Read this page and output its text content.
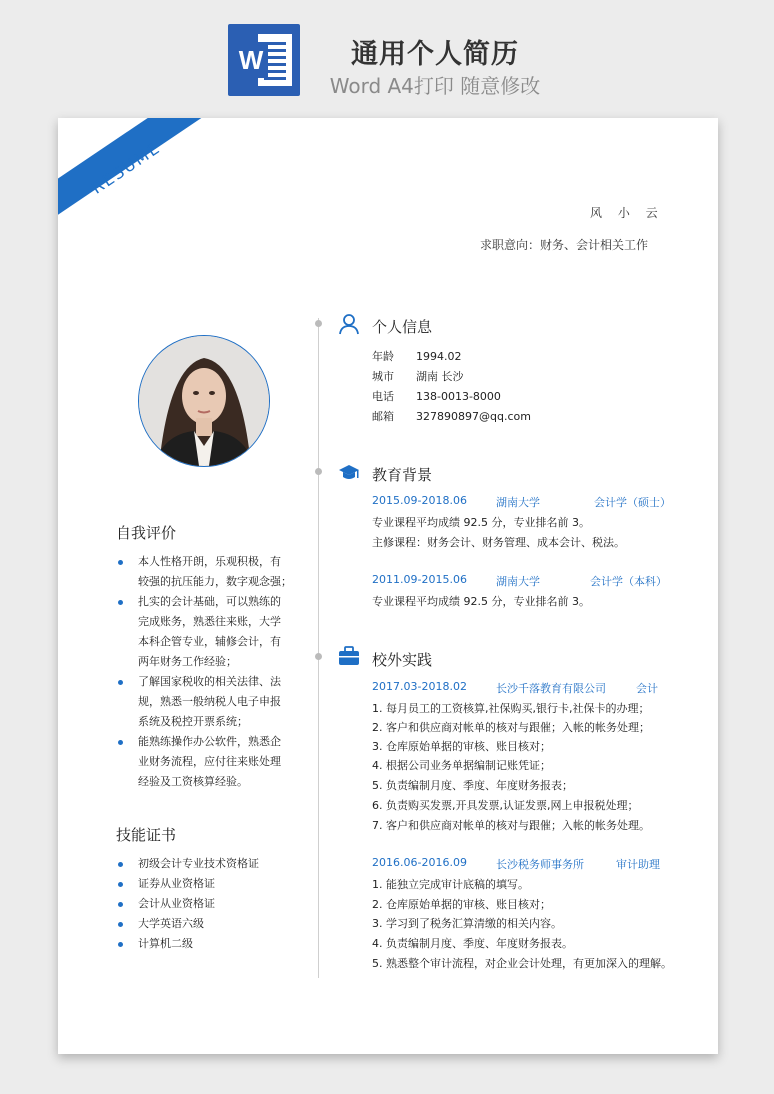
W	通用个人简历
Word A4打印 随意修改
RESUME
风 小 云
求职意向：财务、会计相关工作
自我评价
本人性格开朗，乐观积极，有
较强的抗压能力，数字观念强；
扎实的会计基础，可以熟练的
完成账务，熟悉往来账，大学
本科企管专业，辅修会计，有
两年财务工作经验；
了解国家税收的相关法律、法
规，熟悉一般纳税人电子申报
系统及税控开票系统；
能熟练操作办公软件，熟悉企
业财务流程，应付往来账处理
经验及工资核算经验。
技能证书
初级会计专业技术资格证
证券从业资格证
会计从业资格证
大学英语六级
计算机二级
个人信息
年龄 1994.02
城市 湖南 长沙
电话 138-0013-8000
邮箱 327890897@qq.com
教育背景
2015.09-2018.06	湖南大学	会计学（硕士）
专业课程平均成绩 92.5 分，专业排名前 3。
主修课程：财务会计、财务管理、成本会计、税法。
2011.09-2015.06	湖南大学	会计学（本科）
专业课程平均成绩 92.5 分，专业排名前 3。
校外实践
2017.03-2018.02	长沙千落教育有限公司	会计
1. 每月员工的工资核算,社保购买,银行卡,社保卡的办理；
2. 客户和供应商对帐单的核对与跟催；入帐的帐务处理；
3. 仓库原始单据的审核、账目核对；
4. 根据公司业务单据编制记账凭证；
5. 负责编制月度、季度、年度财务报表；
6. 负责购买发票,开具发票,认证发票,网上申报税处理；
7. 客户和供应商对帐单的核对与跟催；入帐的帐务处理。
2016.06-2016.09	长沙税务师事务所	审计助理
1. 能独立完成审计底稿的填写。
2. 仓库原始单据的审核、账目核对；
3. 学习到了税务汇算清缴的相关内容。
4. 负责编制月度、季度、年度财务报表。
5. 熟悉整个审计流程，对企业会计处理，有更加深入的理解。
